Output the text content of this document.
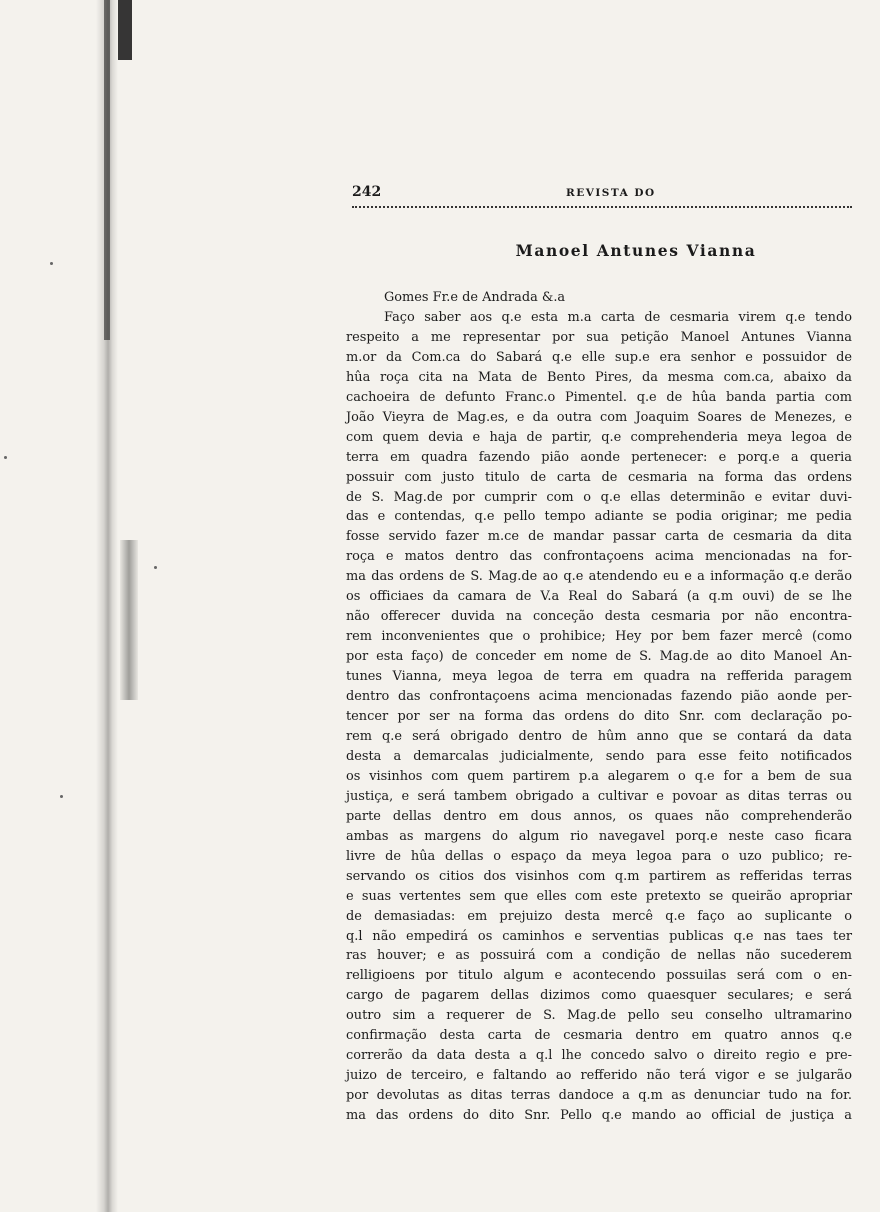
242	REVISTA DO
Manoel Antunes Vianna
Gomes Fr.e de Andrada &.a
Faço saber aos q.e esta m.a carta de cesmaria virem q.e tendo
respeito a me representar por sua petição Manoel Antunes Vianna
m.or da Com.ca do Sabará q.e elle sup.e era senhor e possuidor de
hûa roça cita na Mata de Bento Pires, da mesma com.ca, abaixo da
cachoeira de defunto Franc.o Pimentel. q.e de hûa banda partia com
João Vieyra de Mag.es, e da outra com Joaquim Soares de Menezes, e
com quem devia e haja de partir, q.e comprehenderia meya legoa de
terra em quadra fazendo pião aonde pertenecer: e porq.e a queria
possuir com justo titulo de carta de cesmaria na forma das ordens
de S. Mag.de por cumprir com o q.e ellas determinão e evitar duvi-
das e contendas, q.e pello tempo adiante se podia originar; me pedia
fosse servido fazer m.ce de mandar passar carta de cesmaria da dita
roça e matos dentro das confrontaçoens acima mencionadas na for-
ma das ordens de S. Mag.de ao q.e atendendo eu e a informação q.e derão
os officiaes da camara de V.a Real do Sabará (a q.m ouvi) de se lhe
não offerecer duvida na conceção desta cesmaria por não encontra-
rem inconvenientes que o prohibice; Hey por bem fazer mercê (como
por esta faço) de conceder em nome de S. Mag.de ao dito Manoel An-
tunes Vianna, meya legoa de terra em quadra na refferida paragem
dentro das confrontaçoens acima mencionadas fazendo pião aonde per-
tencer por ser na forma das ordens do dito Snr. com declaração po-
rem q.e será obrigado dentro de hûm anno que se contará da data
desta a demarcalas judicialmente, sendo para esse feito notificados
os visinhos com quem partirem p.a alegarem o q.e for a bem de sua
justiça, e será tambem obrigado a cultivar e povoar as ditas terras ou
parte dellas dentro em dous annos, os quaes não comprehenderão
ambas as margens do algum rio navegavel porq.e neste caso ficara
livre de hûa dellas o espaço da meya legoa para o uzo publico; re-
servando os citios dos visinhos com q.m partirem as refferidas terras
e suas vertentes sem que elles com este pretexto se queirão apropriar
de demasiadas: em prejuizo desta mercê q.e faço ao suplicante o
q.l não empedirá os caminhos e serventias publicas q.e nas taes ter
ras houver; e as possuirá com a condição de nellas não sucederem
relligioens por titulo algum e acontecendo possuilas será com o en-
cargo de pagarem dellas dizimos como quaesquer seculares; e será
outro sim a requerer de S. Mag.de pello seu conselho ultramarino
confirmação desta carta de cesmaria dentro em quatro annos q.e
correrão da data desta a q.l lhe concedo salvo o direito regio e pre-
juizo de terceiro, e faltando ao refferido não terá vigor e se julgarão
por devolutas as ditas terras dandoce a q.m as denunciar tudo na for.
ma das ordens do dito Snr. Pello q.e mando ao official de justiça a
